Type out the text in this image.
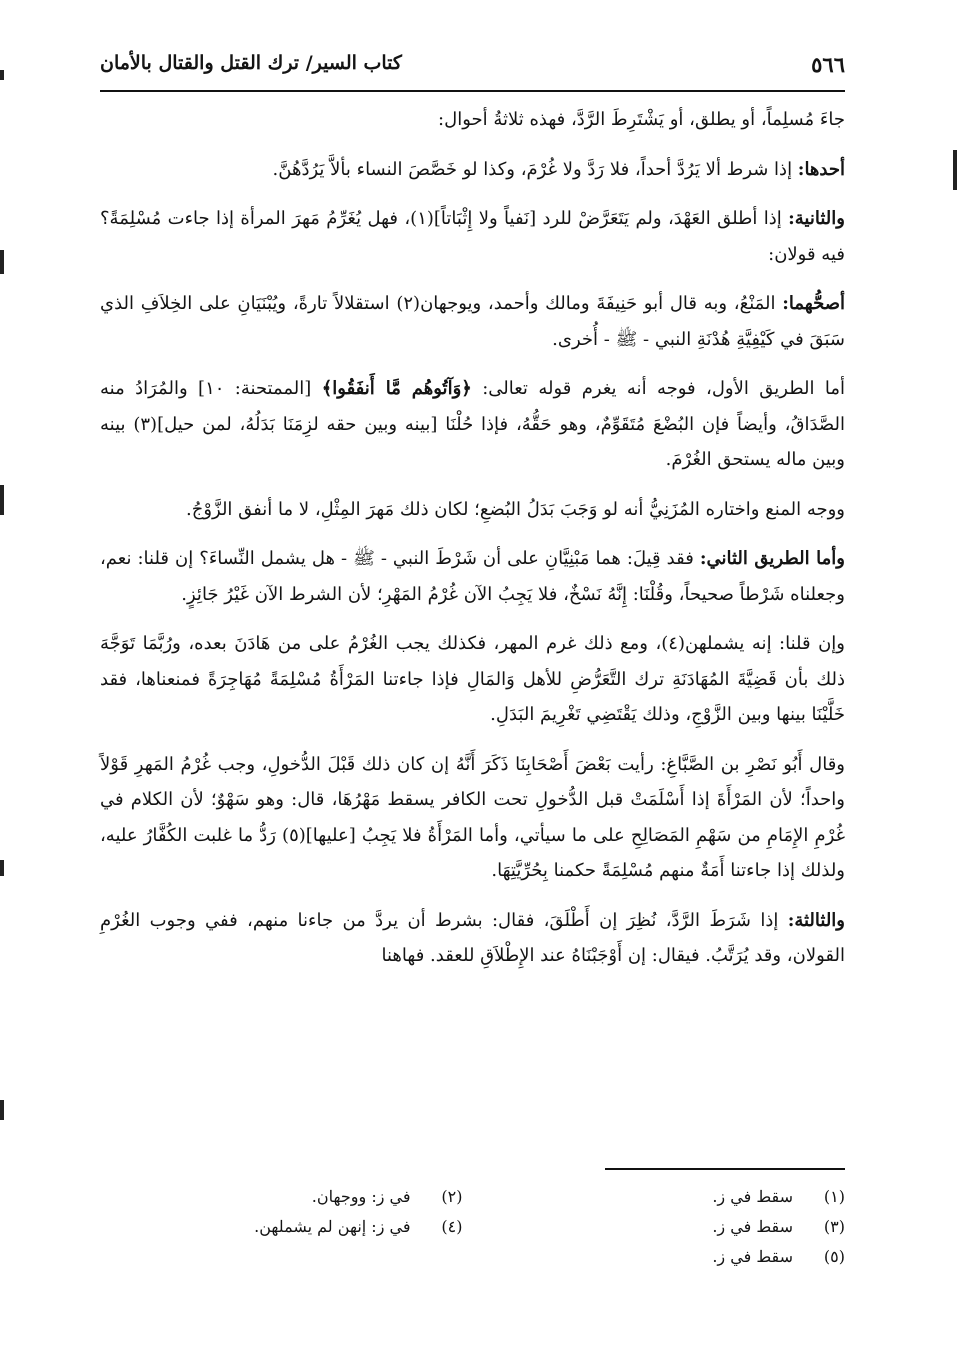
٥٦٦
كتاب السير/ ترك القتل والقتال بالأمان

جاءَ مُسلِماً، أو يطلق، أو يَشْتَرِطَ الرَّدَّ، فهذه ثلاثةُ أحوال:

أحدها: إذا شرط ألا يَرُدَّ أحداً، فلا رَدَّ ولا غُرْمَ، وكذا لو خَصَّصَ النساء بألاَّ يَرُدَّهُنَّ.

والثانية: إذا أطلق العَهْدَ، ولم يَتَعَرَّضْ للرد [نَفياً ولا إِثْبَاتاً](١)، فهل يُغَرِّمُ مَهرَ المرأة إذا جاءت مُسْلِمَةً؟ فيه قولان:

أصحُّهما: المَنْعُ، وبه قال أبو حَنِيفَةَ ومالك وأحمد، ويوجهان(٢) استقلالاً تارةً، ويُبْنَيَانِ على الخِلاَفِ الذي سَبَقَ في كَيْفِيَّةِ هُدْنَةِ النبي - ﷺ - أُخرى.

أما الطريق الأول، فوجه أنه يغرم قوله تعالى: ﴿وَآتُوهُم مَّا أَنفَقُوا﴾ [الممتحنة: ١٠] والمُرَادُ منه الصَّدَاقُ، وأيضاً فإن البُضْعَ مُتَقَوِّمٌ، وهو حَقُّهُ، فإذا حُلْنَا [بينه وبين حقه لزِمَنَا بَدَلُهُ، لمن حيل](٣) بينه وبين ماله يستحق الغُرْمَ.

ووجه المنع واختاره المُزَنِيُّ أنه لو وَجَبَ بَدَلُ البُضعِ؛ لكان ذلك مَهرَ المِثْلِ، لا ما أنفق الزَّوْجُ.

وأما الطريق الثاني: فقد قِيلَ: هما مَبْنِيَّانِ على أن شَرْطَ النبي - ﷺ - هل يشمل النِّساءَ؟ إن قلنا: نعم، وجعلناه شَرْطاً صحيحاً، وقُلْنَا: إِنَّهُ نَسْخٌ، فلا يَجِبُ الآن غُرْمُ المَهْرِ؛ لأن الشرط الآن غَيْرُ جَائِزٍ.

وإن قلنا: إنه يشملهن(٤)، ومع ذلك غرم المهر، فكذلك يجب الغُرْمُ على من هَادَنَ بعده، ورُبَّمَا تَوَجَّهَ ذلك بأن قَضِيَّةَ المُهَادَنَةِ ترك التَّعَرُّضِ للأهل وَالمَالِ فإذا جاءتنا المَرْأَةُ مُسْلِمَةً مُهَاجِرَةً فمنعناها، فقد خَلَّيْنَا بينها وبين الزَّوْجِ، وذلك يَقْتَضِي تَغْرِيمَ البَدَلِ.

وقال أَبُو نَصْرِ بن الصَّبَّاغِ: رأيت بَعْضَ أَصْحَابِنَا ذَكَرَ أَنَّهُ إن كان ذلك قَبْلَ الدُّخولِ، وجب غُرْمُ المَهرِ قَوْلاً واحداً؛ لأن المَرْأَةَ إذا أَسْلَمَتْ قبل الدُّخولِ تحت الكافر يسقط مَهْرُهَا، قال: وهو سَهْوٌ؛ لأن الكلام في غُرْمِ الإِمَامِ من سَهْمِ المَصَالِحِ على ما سيأتي، وأما المَرْأَةُ فلا يَجِبُ [عليها](٥) رَدُّ ما غلبت الكُفَّارُ عليه، ولذلك إذا جاءتنا أَمَةٌ منهم مُسْلِمَةً حكمنا بِحُرِّيَّتِهَا.

والثالثة: إذا شَرَطَ الرَّدَّ، نُظِرَ إن أَطْلَقَ، فقال: بشرط أن يردَّ من جاءنا منهم، ففي وجوب الغُرْمِ القولان، وقد يُرَتَّبُ. فيقال: إن أَوْجَبْنَاهُ عند الإِطْلاَقِ للعقد. فهاهنا

(١)سقط في ز.
(٢)في ز: ووجهان.
(٣)سقط في ز.
(٤)في ز: إنهن لم يشملهن.
(٥)سقط في ز.
